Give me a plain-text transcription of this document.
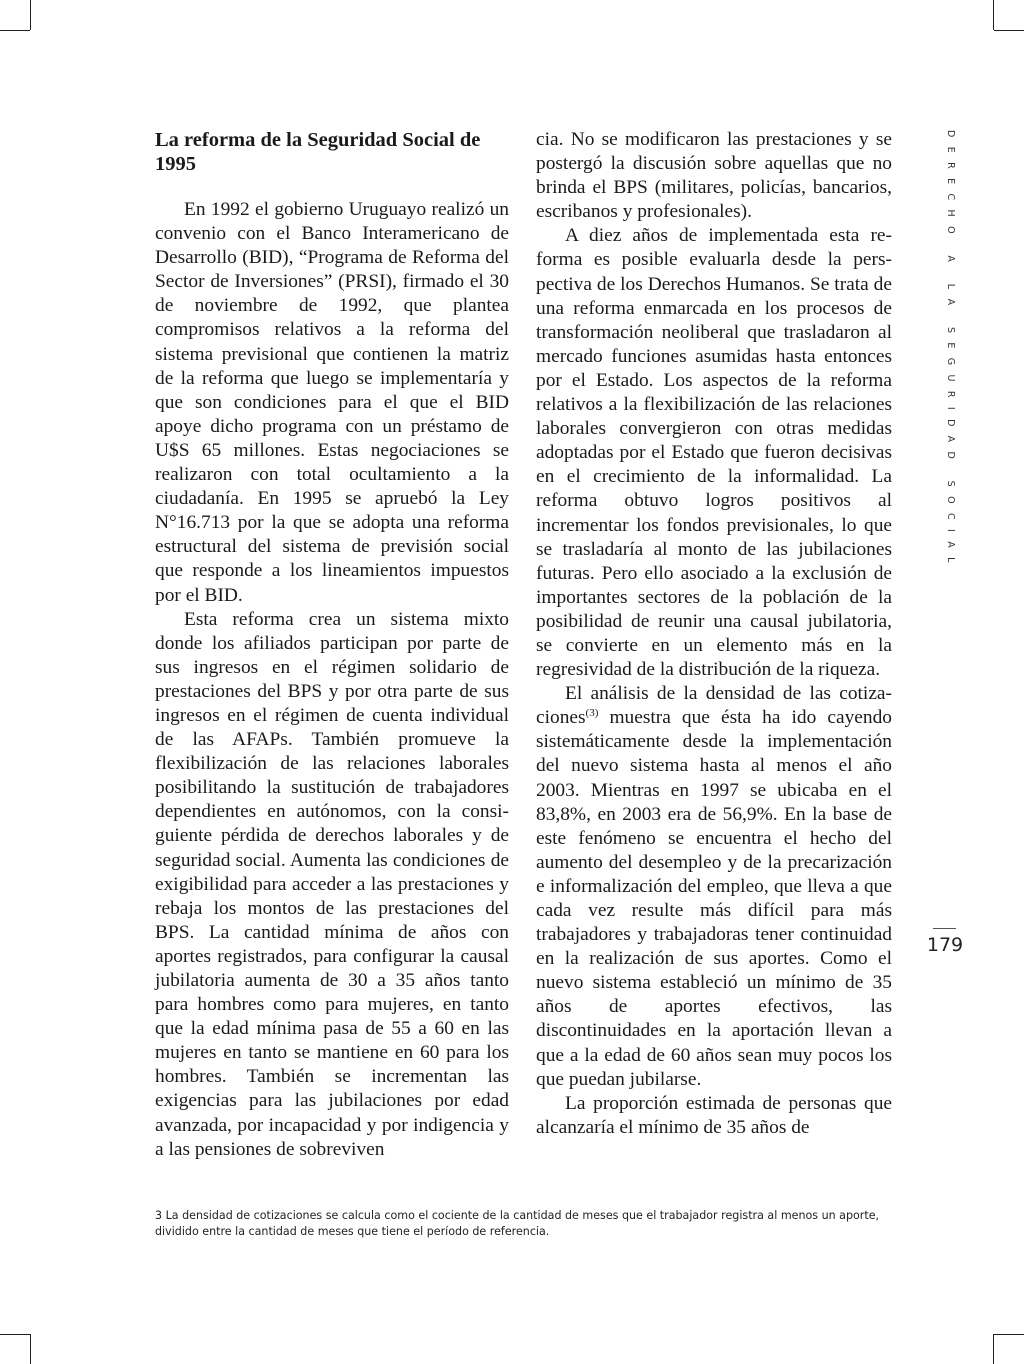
La reforma de la Seguridad Social de 1995

En 1992 el gobierno Uruguayo realizó un convenio con el Banco Interamericano de Desarrollo (BID), “Programa de Reforma del Sector de Inversiones” (PRSI), firmado el 30 de noviembre de 1992, que plantea compromisos relativos a la reforma del sistema previsional que contienen la matriz de la reforma que luego se implementaría y que son condiciones para el que el BID apoye dicho programa con un préstamo de U$S 65 millones. Estas negociaciones se realizaron con total ocultamiento a la ciudadanía. En 1995 se apruebó la Ley N°16.713 por la que se adopta una reforma estructural del sistema de previsión social que responde a los lineamientos impuestos por el BID.

Esta reforma crea un sistema mixto donde los afiliados participan por parte de sus ingresos en el régimen solidario de prestaciones del BPS y por otra parte de sus ingresos en el régimen de cuenta individual de las AFAPs. También promueve la flexibilización de las relaciones laborales posibilitando la sustitución de trabajadores dependientes en autónomos, con la consiguiente pérdida de derechos laborales y de seguridad social. Aumenta las condiciones de exigibilidad para acceder a las prestaciones y rebaja los montos de las prestaciones del BPS. La cantidad mínima de años con aportes registrados, para configurar la causal jubilatoria aumenta de 30 a 35 años tanto para hombres como para mujeres, en tanto que la edad mínima pasa de 55 a 60 en las mujeres en tanto se mantiene en 60 para los hombres. También se incrementan las exigencias para las jubilaciones por edad avanzada, por incapacidad y por indigencia y a las pensiones de sobreviven

cia. No se modificaron las prestaciones y se postergó la discusión sobre aquellas que no brinda el BPS (militares, policías, bancarios, escribanos y profesionales).

A diez años de implementada esta reforma es posible evaluarla desde la perspectiva de los Derechos Humanos. Se trata de una reforma enmarcada en los procesos de transformación neoliberal que trasladaron al mercado funciones asumidas hasta entonces por el Estado. Los aspectos de la reforma relativos a la flexibilización de las relaciones laborales convergieron con otras medidas adoptadas por el Estado que fueron decisivas en el crecimiento de la informalidad. La reforma obtuvo logros positivos al incrementar los fondos previsionales, lo que se trasladaría al monto de las jubilaciones futuras. Pero ello asociado a la exclusión de importantes sectores de la población de la posibilidad de reunir una causal jubilatoria, se convierte en un elemento más en la regresividad de la distribución de la riqueza.

El análisis de la densidad de las cotizaciones$^{(3)}$ muestra que ésta ha ido cayendo sistemáticamente desde la implementación del nuevo sistema hasta al menos el año 2003. Mientras en 1997 se ubicaba en el 83,8%, en 2003 era de 56,9%. En la base de este fenómeno se encuentra el hecho del aumento del desempleo y de la precarización e informalización del empleo, que lleva a que cada vez resulte más difícil para más trabajadores y trabajadoras tener continuidad en la realización de sus aportes. Como el nuevo sistema estableció un mínimo de 35 años de aportes efectivos, las discontinuidades en la aportación llevan a que a la edad de 60 años sean muy pocos los que puedan jubilarse.

La proporción estimada de personas que alcanzaría el mínimo de 35 años de

DERECHO A LA SEGURIDAD SOCIAL
179
3 La densidad de cotizaciones se calcula como el cociente de la cantidad de meses que el trabajador registra al menos un aporte, dividido entre la cantidad de meses que tiene el período de referencia.
